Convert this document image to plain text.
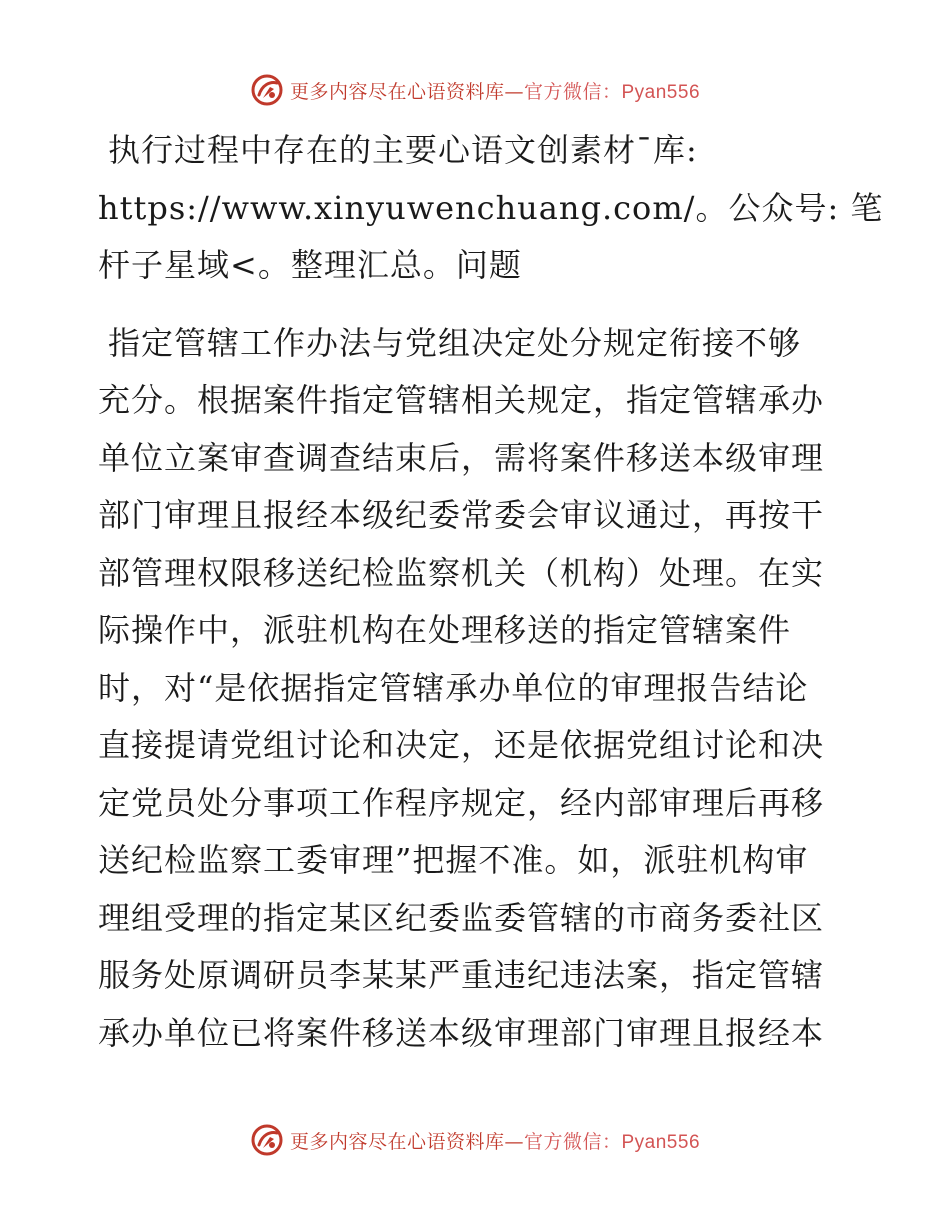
更多内容尽在心语资料库—官方微信：Pyan556
执行过程中存在的主要心语文创素材¯库:
https://www.xinyuwenchuang.com/。公众号: 笔
杆子星域<。整理汇总。问题
指定管辖工作办法与党组决定处分规定衔接不够
充分。根据案件指定管辖相关规定，指定管辖承办
单位立案审查调查结束后，需将案件移送本级审理
部门审理且报经本级纪委常委会审议通过，再按干
部管理权限移送纪检监察机关（机构）处理。在实
际操作中，派驻机构在处理移送的指定管辖案件
时，对“是依据指定管辖承办单位的审理报告结论
直接提请党组讨论和决定，还是依据党组讨论和决
定党员处分事项工作程序规定，经内部审理后再移
送纪检监察工委审理”把握不准。如，派驻机构审
理组受理的指定某区纪委监委管辖的市商务委社区
服务处原调研员李某某严重违纪违法案，指定管辖
承办单位已将案件移送本级审理部门审理且报经本
更多内容尽在心语资料库—官方微信：Pyan556
